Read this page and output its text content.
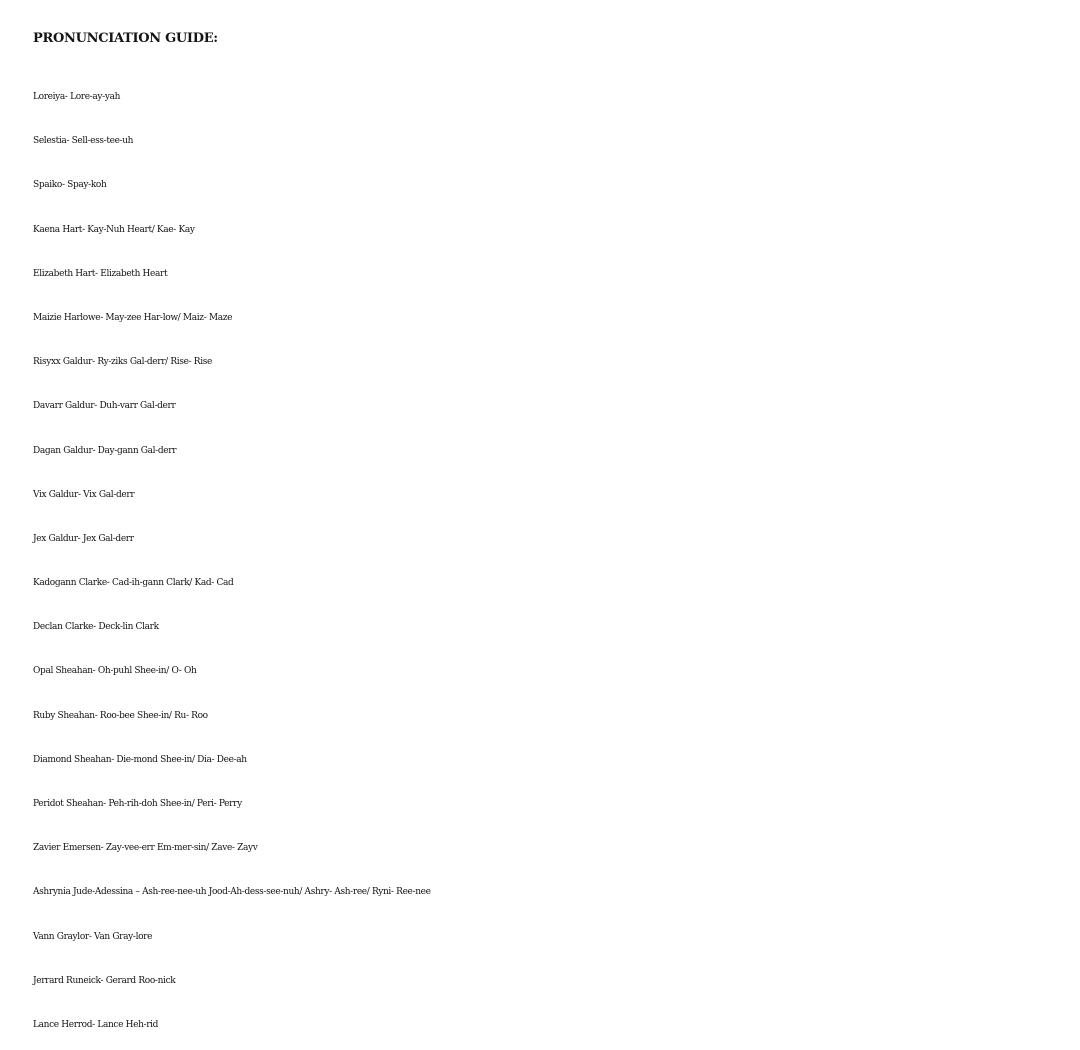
PRONUNCIATION GUIDE:
Loreiya- Lore-ay-yah
Selestia- Sell-ess-tee-uh
Spaiko- Spay-koh
Kaena Hart- Kay-Nuh Heart/ Kae- Kay
Elizabeth Hart- Elizabeth Heart
Maizie Harlowe- May-zee Har-low/ Maiz- Maze
Risyxx Galdur- Ry-ziks Gal-derr/ Rise- Rise
Davarr Galdur- Duh-varr Gal-derr
Dagan Galdur- Day-gann Gal-derr
Vix Galdur- Vix Gal-derr
Jex Galdur- Jex Gal-derr
Kadogann Clarke- Cad-ih-gann Clark/ Kad- Cad
Declan Clarke- Deck-lin Clark
Opal Sheahan- Oh-puhl Shee-in/ O- Oh
Ruby Sheahan- Roo-bee Shee-in/ Ru- Roo
Diamond Sheahan- Die-mond Shee-in/ Dia- Dee-ah
Peridot Sheahan- Peh-rih-doh Shee-in/ Peri- Perry
Zavier Emersen- Zay-vee-err Em-mer-sin/ Zave- Zayv
Ashrynia Jude-Adessina – Ash-ree-nee-uh Jood-Ah-dess-see-nuh/ Ashry- Ash-ree/ Ryni- Ree-nee
Vann Graylor- Van Gray-lore
Jerrard Runeick- Gerard Roo-nick
Lance Herrod- Lance Heh-rid
